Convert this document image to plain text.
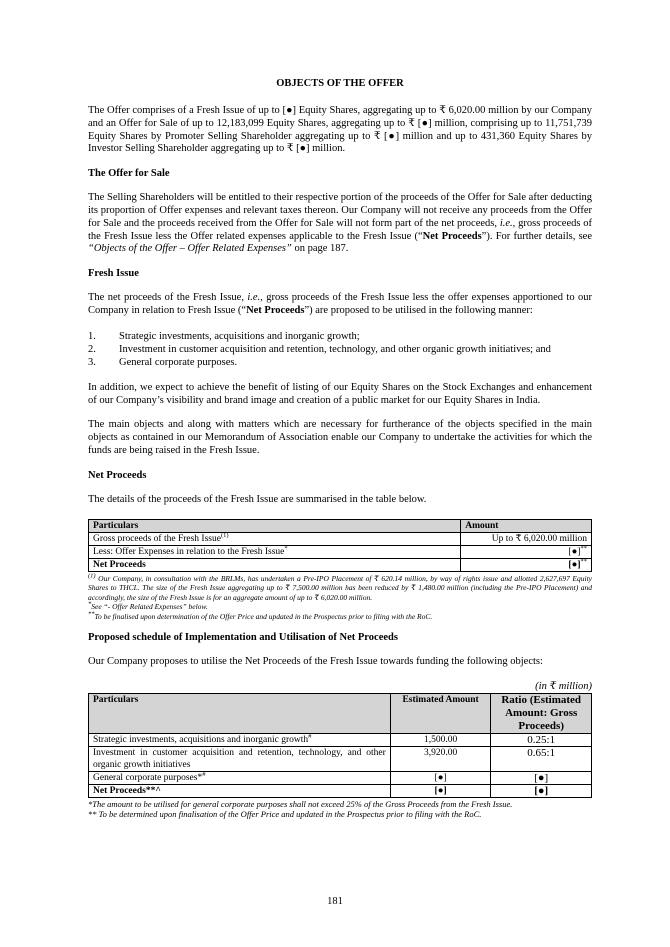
OBJECTS OF THE OFFER

The Offer comprises of a Fresh Issue of up to [●] Equity Shares, aggregating up to ₹ 6,020.00 million by our Company and an Offer for Sale of up to 12,183,099 Equity Shares, aggregating up to ₹ [●] million, comprising up to 11,751,739 Equity Shares by Promoter Selling Shareholder aggregating up to ₹ [●] million and up to 431,360 Equity Shares by Investor Selling Shareholder aggregating up to ₹ [●] million.

The Offer for Sale

The Selling Shareholders will be entitled to their respective portion of the proceeds of the Offer for Sale after deducting its proportion of Offer expenses and relevant taxes thereon. Our Company will not receive any proceeds from the Offer for Sale and the proceeds received from the Offer for Sale will not form part of the net proceeds, i.e., gross proceeds of the Fresh Issue less the Offer related expenses applicable to the Fresh Issue (“Net Proceeds”). For further details, see “Objects of the Offer – Offer Related Expenses” on page 187.

Fresh Issue

The net proceeds of the Fresh Issue, i.e., gross proceeds of the Fresh Issue less the offer expenses apportioned to our Company in relation to Fresh Issue (“Net Proceeds”) are proposed to be utilised in the following manner:

1.	Strategic investments, acquisitions and inorganic growth;
2.	Investment in customer acquisition and retention, technology, and other organic growth initiatives; and
3.	General corporate purposes.

In addition, we expect to achieve the benefit of listing of our Equity Shares on the Stock Exchanges and enhancement of our Company’s visibility and brand image and creation of a public market for our Equity Shares in India.

The main objects and along with matters which are necessary for furtherance of the objects specified in the main objects as contained in our Memorandum of Association enable our Company to undertake the activities for which the funds are being raised in the Fresh Issue.

Net Proceeds

The details of the proceeds of the Fresh Issue are summarised in the table below.

Particulars	Amount
Gross proceeds of the Fresh Issue$^{(1)}$	Up to ₹ 6,020.00 million
Less: Offer Expenses in relation to the Fresh Issue*	[●]**
Net Proceeds	[●]**
$^{(1)}$ Our Company, in consultation with the BRLMs, has undertaken a Pre-IPO Placement of ₹ 620.14 million, by way of rights issue and allotted 2,627,697 Equity Shares to THCL. The size of the Fresh Issue aggregating up to ₹ 7,500.00 million has been reduced by ₹ 1,480.00 million (including the Pre-IPO Placement) and accordingly, the size of the Fresh Issue is for an aggregate amount of up to ₹ 6,020.00 million.
*See “- Offer Related Expenses” below.
**To be finalised upon determination of the Offer Price and updated in the Prospectus prior to filing with the RoC.
Proposed schedule of Implementation and Utilisation of Net Proceeds

Our Company proposes to utilise the Net Proceeds of the Fresh Issue towards funding the following objects:

(in ₹ million)
Particulars	Estimated Amount	Ratio (Estimated Amount: Gross Proceeds)
Strategic investments, acquisitions and inorganic growth#	1,500.00	0.25:1
Investment in customer acquisition and retention, technology, and other organic growth initiatives	3,920.00	0.65:1
General corporate purposes*#	[●]	[●]
Net Proceeds**^	[●]	[●]
*The amount to be utilised for general corporate purposes shall not exceed 25% of the Gross Proceeds from the Fresh Issue.
** To be determined upon finalisation of the Offer Price and updated in the Prospectus prior to filing with the RoC.
181
